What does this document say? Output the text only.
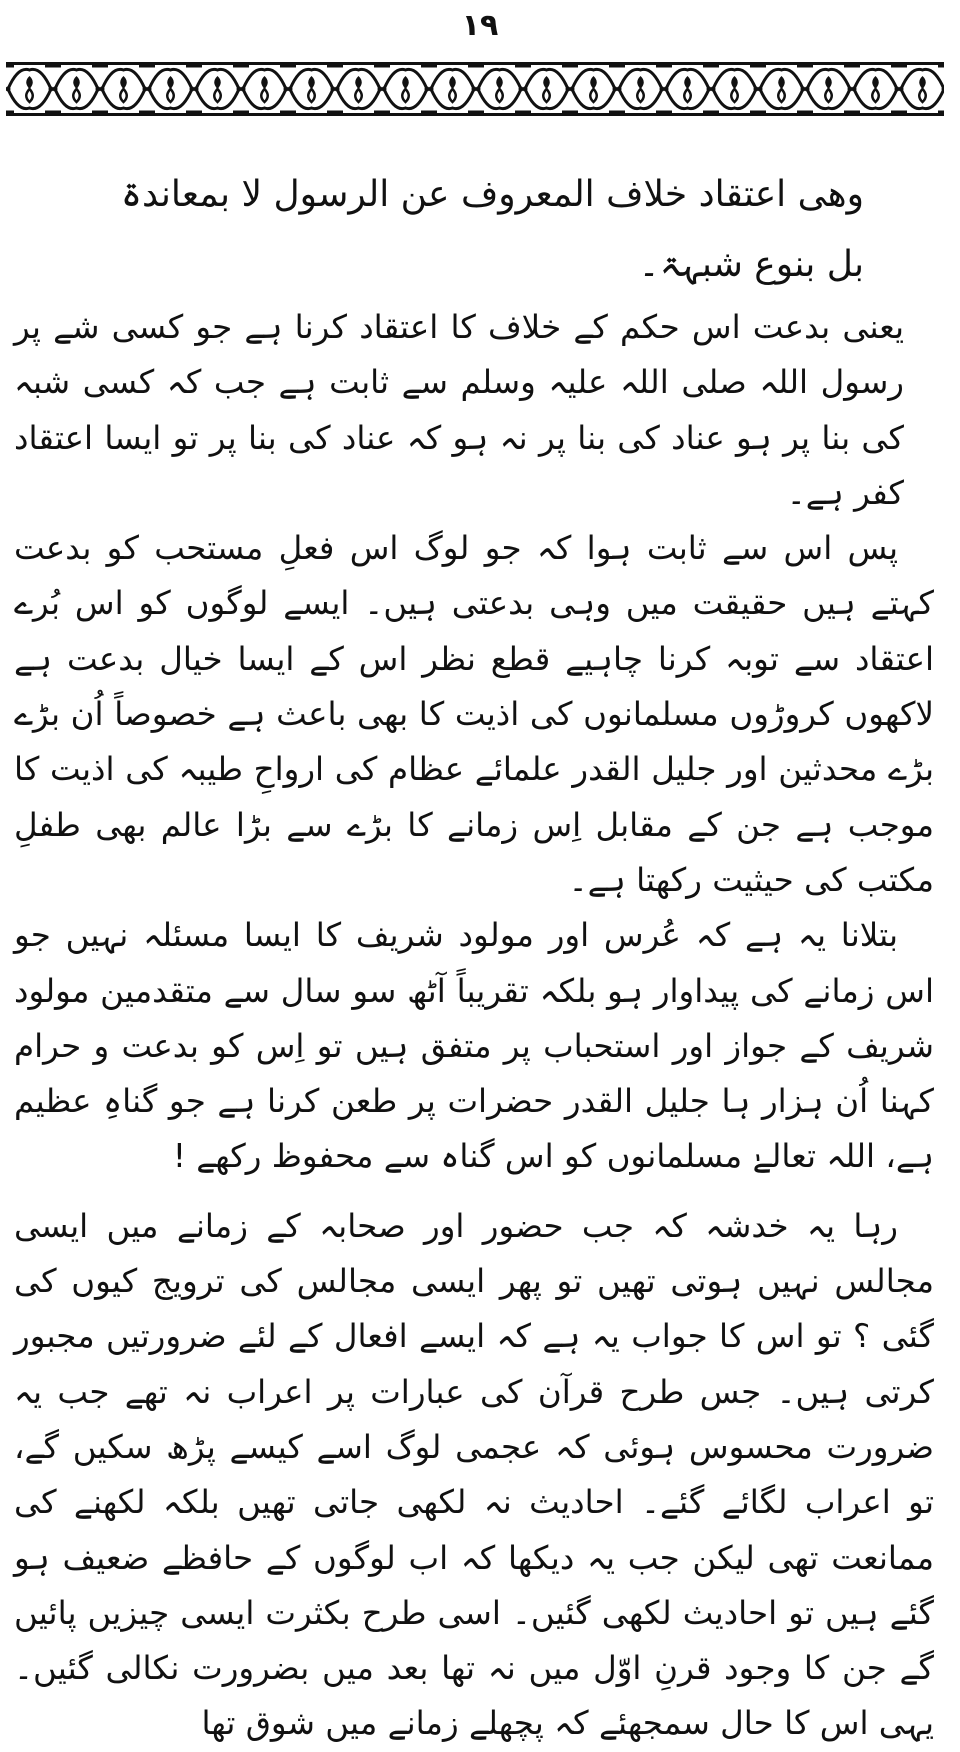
۱۹

وھی اعتقاد خلاف المعروف عن الرسول لا بمعاندۃ بل بنوع شبہۃ۔

یعنی بدعت اس حکم کے خلاف کا اعتقاد کرنا ہے جو کسی شے پر رسول اللہ صلی اللہ علیہ وسلم سے ثابت ہے جب کہ کسی شبہ کی بنا پر ہو عناد کی بنا پر نہ ہو کہ عناد کی بنا پر تو ایسا اعتقاد کفر ہے۔

پس اس سے ثابت ہوا کہ جو لوگ اس فعلِ مستحب کو بدعت کہتے ہیں حقیقت میں وہی بدعتی ہیں۔ ایسے لوگوں کو اس بُرے اعتقاد سے توبہ کرنا چاہیے قطع نظر اس کے ایسا خیال بدعت ہے لاکھوں کروڑوں مسلمانوں کی اذیت کا بھی باعث ہے خصوصاً اُن بڑے بڑے محدثین اور جلیل القدر علمائے عظام کی ارواحِ طیبہ کی اذیت کا موجب ہے جن کے مقابل اِس زمانے کا بڑے سے بڑا عالم بھی طفلِ مکتب کی حیثیت رکھتا ہے۔

بتلانا یہ ہے کہ عُرس اور مولود شریف کا ایسا مسئلہ نہیں جو اس زمانے کی پیداوار ہو بلکہ تقریباً آٹھ سو سال سے متقدمین مولود شریف کے جواز اور استحباب پر متفق ہیں تو اِس کو بدعت و حرام کہنا اُن ہزار ہا جلیل القدر حضرات پر طعن کرنا ہے جو گناہِ عظیم ہے، اللہ تعالےٰ مسلمانوں کو اس گناہ سے محفوظ رکھے !

رہا یہ خدشہ کہ جب حضور اور صحابہ کے زمانے میں ایسی مجالس نہیں ہوتی تھیں تو پھر ایسی مجالس کی ترویج کیوں کی گئی ؟ تو اس کا جواب یہ ہے کہ ایسے افعال کے لئے ضرورتیں مجبور کرتی ہیں۔ جس طرح قرآن کی عبارات پر اعراب نہ تھے جب یہ ضرورت محسوس ہوئی کہ عجمی لوگ اسے کیسے پڑھ سکیں گے، تو اعراب لگائے گئے۔ احادیث نہ لکھی جاتی تھیں بلکہ لکھنے کی ممانعت تھی لیکن جب یہ دیکھا کہ اب لوگوں کے حافظے ضعیف ہو گئے ہیں تو احادیث لکھی گئیں۔ اسی طرح بکثرت ایسی چیزیں پائیں گے جن کا وجود قرنِ اوّل میں نہ تھا بعد میں بضرورت نکالی گئیں۔ یہی اس کا حال سمجھئے کہ پچھلے زمانے میں شوق تھا
